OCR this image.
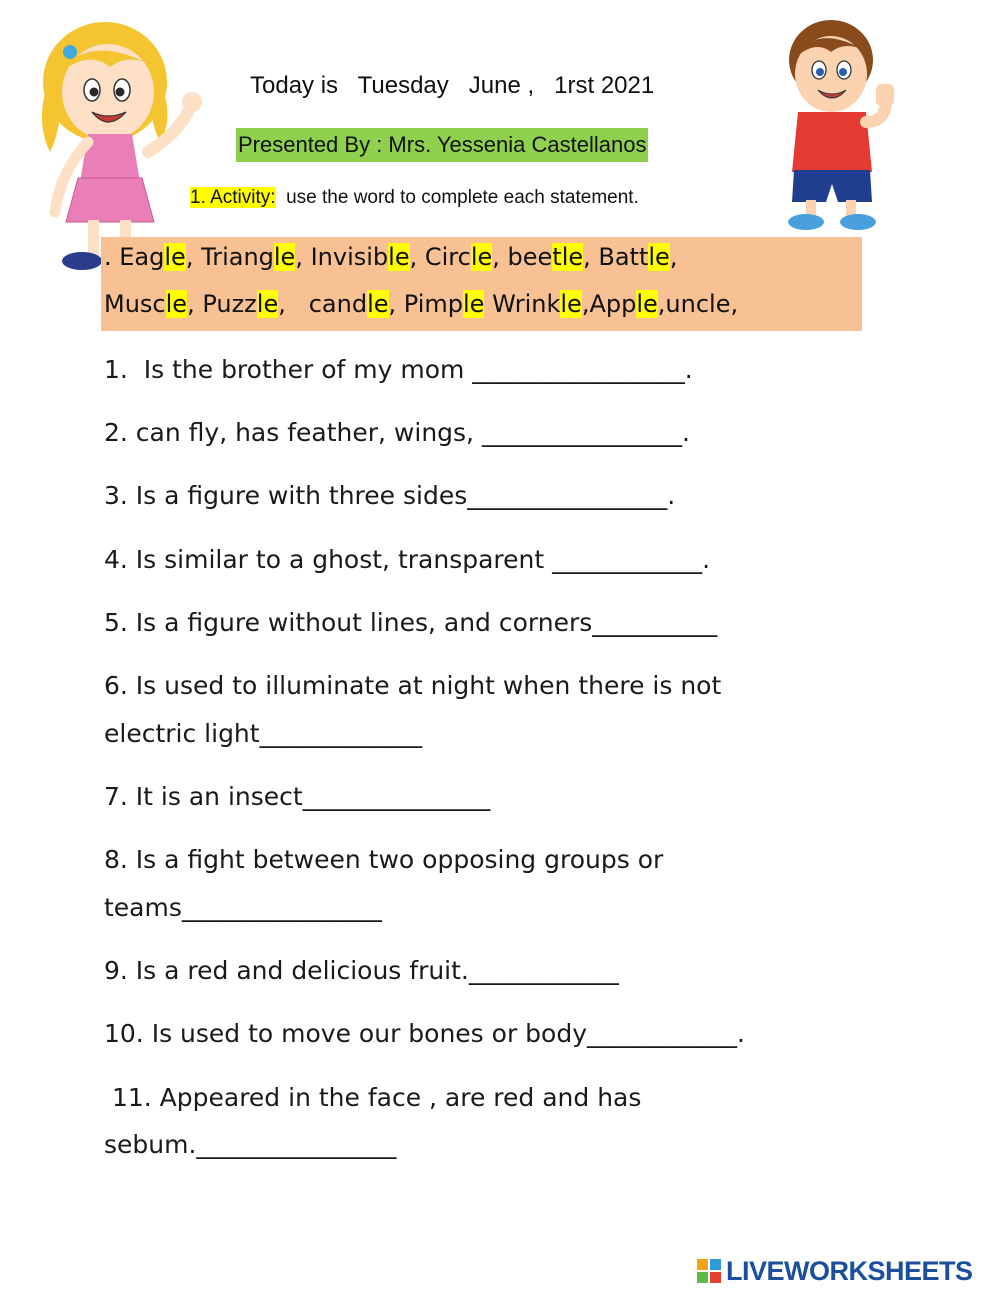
Today is   Tuesday   June ,   1rst 2021
Presented By : Mrs. Yessenia Castellanos
1. Activity:  use the word to complete each statement.
. Eagle, Triangle, Invisible, Circle, beetle, Battle,
Muscle, Puzzle,   candle, Pimple Wrinkle,Apple,uncle,
1.  Is the brother of my mom _________________.
2. can fly, has feather, wings, ________________.
3. Is a figure with three sides________________.
4. Is similar to a ghost, transparent ____________.
5. Is a figure without lines, and corners__________
6. Is used to illuminate at night when there is not
electric light_____________
7. It is an insect_______________
8. Is a fight between two opposing groups or
teams________________
9. Is a red and delicious fruit.____________
10. Is used to move our bones or body____________.
11. Appeared in the face , are red and has
sebum.________________
LIVEWORKSHEETS
